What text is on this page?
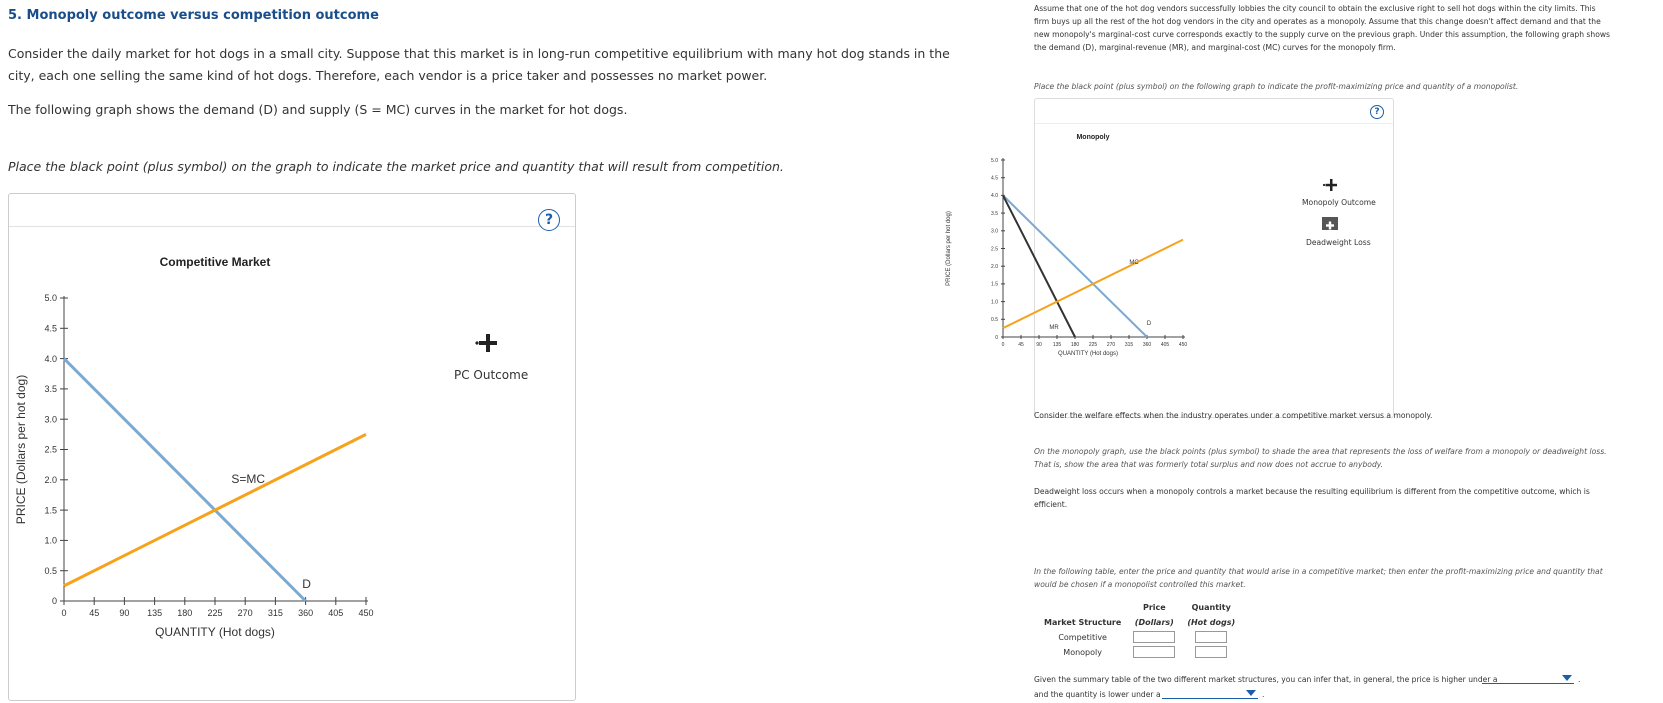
5. Monopoly outcome versus competition outcome
Consider the daily market for hot dogs in a small city. Suppose that this market is in long-run competitive equilibrium with many hot dog stands in the
city, each one selling the same kind of hot dogs. Therefore, each vendor is a price taker and possesses no market power.
The following graph shows the demand (D) and supply (S = MC) curves in the market for hot dogs.
Place the black point (plus symbol) on the graph to indicate the market price and quantity that will result from competition.
?
0
0.5
1.0
1.5
2.0
2.5
3.0
3.5
4.0
4.5
5.0
0	45 90 135 180 225 270 315 360 405 450
Competitive Market
QUANTITY (Hot dogs)
PRICE (Dollars per hot dog)	S=MC
D
PC Outcome
Assume that one of the hot dog vendors successfully lobbies the city council to obtain the exclusive right to sell hot dogs within the city limits. This
firm buys up all the rest of the hot dog vendors in the city and operates as a monopoly. Assume that this change doesn't affect demand and that the
new monopoly's marginal-cost curve corresponds exactly to the supply curve on the previous graph. Under this assumption, the following graph shows
the demand (D), marginal-revenue (MR), and marginal-cost (MC) curves for the monopoly firm.
Place the black point (plus symbol) on the following graph to indicate the profit-maximizing price and quantity of a monopolist.
?
0
0.5
1.0
1.5
2.0
2.5
3.0
3.5
4.0
4.5
5.0
0	45 90 135 180 225 270 315 360 405 450
Monopoly
QUANTITY (Hot dogs)
PRICE (Dollars per hot dog)	MC
MR
D
Monopoly Outcome
Deadweight Loss
Consider the welfare effects when the industry operates under a competitive market versus a monopoly.
On the monopoly graph, use the black points (plus symbol) to shade the area that represents the loss of welfare from a monopoly or deadweight loss.
That is, show the area that was formerly total surplus and now does not accrue to anybody.
Deadweight loss occurs when a monopoly controls a market because the resulting equilibrium is different from the competitive outcome, which is
efficient.
In the following table, enter the price and quantity that would arise in a competitive market; then enter the profit-maximizing price and quantity that
would be chosen if a monopolist controlled this market.
	Price	Quantity
Market Structure	(Dollars)	(Hot dogs)
Competitive		
Monopoly		
Given the summary table of the two different market structures, you can infer that, in general, the price is higher under a	.
and the quantity is lower under a	.
